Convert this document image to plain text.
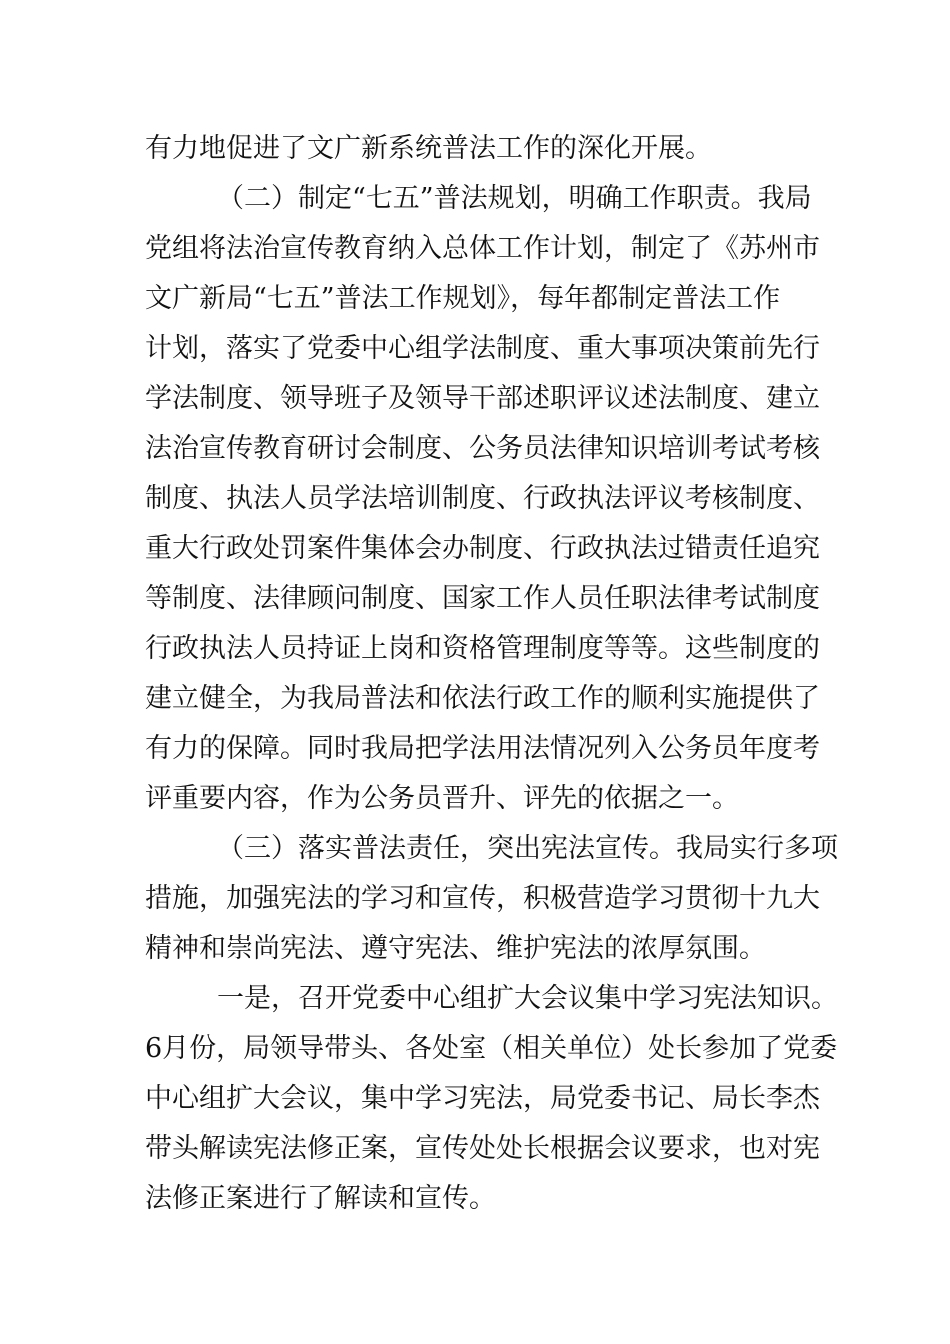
有力地促进了文广新系统普法工作的深化开展。
（二）制定“七五”普法规划，明确工作职责。我局
党组将法治宣传教育纳入总体工作计划，制定了《苏州市
文广新局“七五”普法工作规划》，每年都制定普法工作
计划，落实了党委中心组学法制度、重大事项决策前先行
学法制度、领导班子及领导干部述职评议述法制度、建立
法治宣传教育研讨会制度、公务员法律知识培训考试考核
制度、执法人员学法培训制度、行政执法评议考核制度、
重大行政处罚案件集体会办制度、行政执法过错责任追究
等制度、法律顾问制度、国家工作人员任职法律考试制度
行政执法人员持证上岗和资格管理制度等等。这些制度的
建立健全，为我局普法和依法行政工作的顺利实施提供了
有力的保障。同时我局把学法用法情况列入公务员年度考
评重要内容，作为公务员晋升、评先的依据之一。
（三）落实普法责任，突出宪法宣传。我局实行多项
措施，加强宪法的学习和宣传，积极营造学习贯彻十九大
精神和崇尚宪法、遵守宪法、维护宪法的浓厚氛围。
一是，召开党委中心组扩大会议集中学习宪法知识。
6月份，局领导带头、各处室（相关单位）处长参加了党委
中心组扩大会议，集中学习宪法，局党委书记、局长李杰
带头解读宪法修正案，宣传处处长根据会议要求，也对宪
法修正案进行了解读和宣传。
